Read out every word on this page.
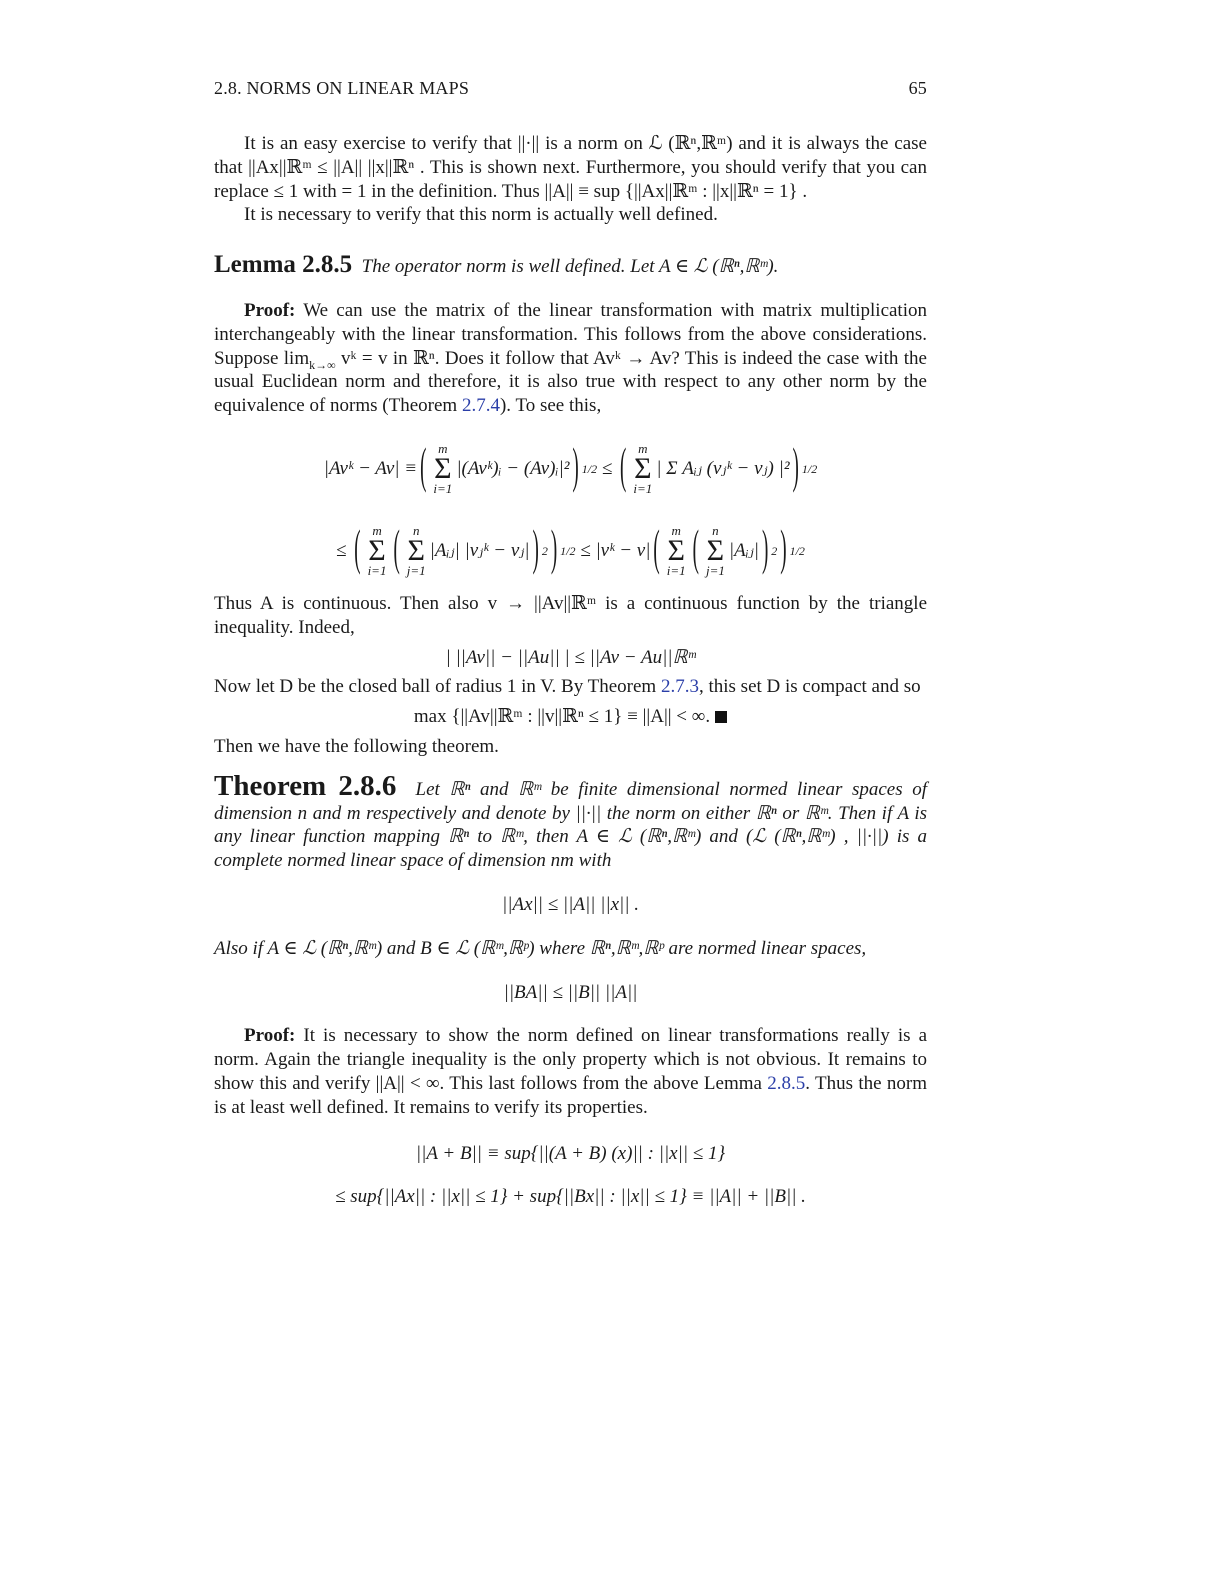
2.8. NORMS ON LINEAR MAPS	65

It is an easy exercise to verify that ||·|| is a norm on ℒ (ℝⁿ,ℝᵐ) and it is always the case that ||Ax||ℝᵐ ≤ ||A|| ||x||ℝⁿ . This is shown next. Furthermore, you should verify that you can replace ≤ 1 with = 1 in the definition. Thus ||A|| ≡ sup {||Ax||ℝᵐ : ||x||ℝⁿ = 1} .

It is necessary to verify that this norm is actually well defined.

Lemma 2.8.5 The operator norm is well defined. Let A ∈ ℒ (ℝⁿ,ℝᵐ).

Proof: We can use the matrix of the linear transformation with matrix multiplication interchangeably with the linear transformation. This follows from the above considerations. Suppose $\lim_{k\to\infty}$ vᵏ = v in ℝⁿ. Does it follow that Avᵏ → Av? This is indeed the case with the usual Euclidean norm and therefore, it is also true with respect to any other norm by the equivalence of norms (Theorem 2.7.4). To see this,

|Avᵏ − Av| ≡ ( m
Σ
i=1
|(Avᵏ)ᵢ − (Av)ᵢ|² ) 1/2 ≤ ( m
Σ
i=1
| Σ Aᵢⱼ (vⱼᵏ − vⱼ) |² ) 1/2
≤
( m
Σ
i=1 ( n
Σ
j=1
|Aᵢⱼ| |vⱼᵏ − vⱼ| ) 2 ) 1/2
≤ |vᵏ − v| ( m
Σ
i=1 ( n
Σ
j=1
|Aᵢⱼ| ) 2 ) 1/2

Thus A is continuous. Then also v → ||Av||ℝᵐ is a continuous function by the triangle inequality. Indeed,

| ||Av|| − ||Au|| | ≤ ||Av − Au||ℝᵐ

Now let D be the closed ball of radius 1 in V. By Theorem 2.7.3, this set D is compact and so

max {||Av||ℝᵐ : ||v||ℝⁿ ≤ 1} ≡ ||A|| < ∞.

Then we have the following theorem.

Theorem 2.8.6 Let ℝⁿ and ℝᵐ be finite dimensional normed linear spaces of dimension n and m respectively and denote by ||·|| the norm on either ℝⁿ or ℝᵐ. Then if A is any linear function mapping ℝⁿ to ℝᵐ, then A ∈ ℒ (ℝⁿ,ℝᵐ) and (ℒ (ℝⁿ,ℝᵐ) , ||·||) is a complete normed linear space of dimension nm with

||Ax|| ≤ ||A|| ||x|| .

Also if A ∈ ℒ (ℝⁿ,ℝᵐ) and B ∈ ℒ (ℝᵐ,ℝᵖ) where ℝⁿ,ℝᵐ,ℝᵖ are normed linear spaces,

||BA|| ≤ ||B|| ||A||

Proof: It is necessary to show the norm defined on linear transformations really is a norm. Again the triangle inequality is the only property which is not obvious. It remains to show this and verify ||A|| < ∞. This last follows from the above Lemma 2.8.5. Thus the norm is at least well defined. It remains to verify its properties.

||A + B|| ≡ sup{||(A + B) (x)|| : ||x|| ≤ 1}

≤ sup{||Ax|| : ||x|| ≤ 1} + sup{||Bx|| : ||x|| ≤ 1} ≡ ||A|| + ||B|| .
